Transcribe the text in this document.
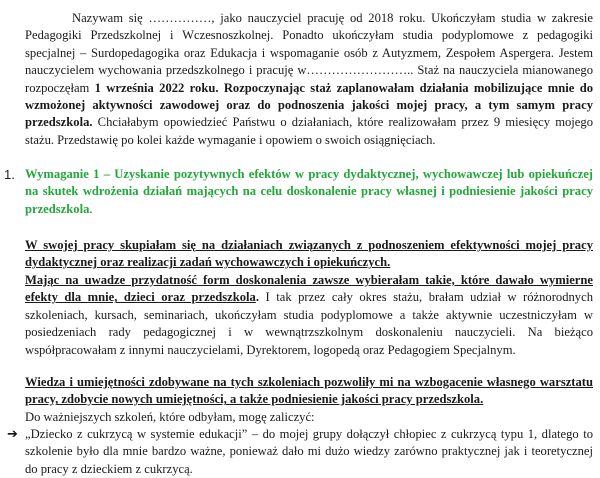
Nazywam się ……………, jako nauczyciel pracuję od 2018 roku. Ukończyłam studia w zakresie Pedagogiki Przedszkolnej i Wczesnoszkolnej. Ponadto ukończyłam studia podyplomowe z pedagogiki specjalnej – Surdopedagogika oraz Edukacja i wspomaganie osób z Autyzmem, Zespołem Aspergera. Jestem nauczycielem wychowania przedszkolnego i pracuję w…………………….. Staż na nauczyciela mianowanego rozpoczęłam 1 września 2022 roku. Rozpoczynając staż zaplanowałam działania mobilizujące mnie do wzmożonej aktywności zawodowej oraz do podnoszenia jakości mojej pracy, a tym samym pracy przedszkola. Chciałabym opowiedzieć Państwu o działaniach, które realizowałam przez 9 miesięcy mojego stażu. Przedstawię po kolei każde wymaganie i opowiem o swoich osiągnięciach.

1. Wymaganie 1 – Uzyskanie pozytywnych efektów w pracy dydaktycznej, wychowawczej lub opiekuńczej na skutek wdrożenia działań mających na celu doskonalenie pracy własnej i podniesienie jakości pracy przedszkola.

W swojej pracy skupiałam się na działaniach związanych z podnoszeniem efektywności mojej pracy dydaktycznej oraz realizacji zadań wychowawczych i opiekuńczych.

Mając na uwadze przydatność form doskonalenia zawsze wybierałam takie, które dawało wymierne efekty dla mnie, dzieci oraz przedszkola. I tak przez cały okres stażu, brałam udział w różnorodnych szkoleniach, kursach, seminariach, ukończyłam studia podyplomowe a także aktywnie uczestniczyłam w posiedzeniach rady pedagogicznej i w wewnątrzszkolnym doskonaleniu nauczycieli. Na bieżąco współpracowałam z innymi nauczycielami, Dyrektorem, logopedą oraz Pedagogiem Specjalnym.

Wiedza i umiejętności zdobywane na tych szkoleniach pozwoliły mi na wzbogacenie własnego warsztatu pracy, zdobycie nowych umiejętności, a także podniesienie jakości pracy przedszkola.

Do ważniejszych szkoleń, które odbyłam, mogę zaliczyć:

➔ „Dziecko z cukrzycą w systemie edukacji” – do mojej grupy dołączył chłopiec z cukrzycą typu 1, dlatego to szkolenie było dla mnie bardzo ważne, ponieważ dało mi dużo wiedzy zarówno praktycznej jak i teoretycznej do pracy z dzieckiem z cukrzycą.
